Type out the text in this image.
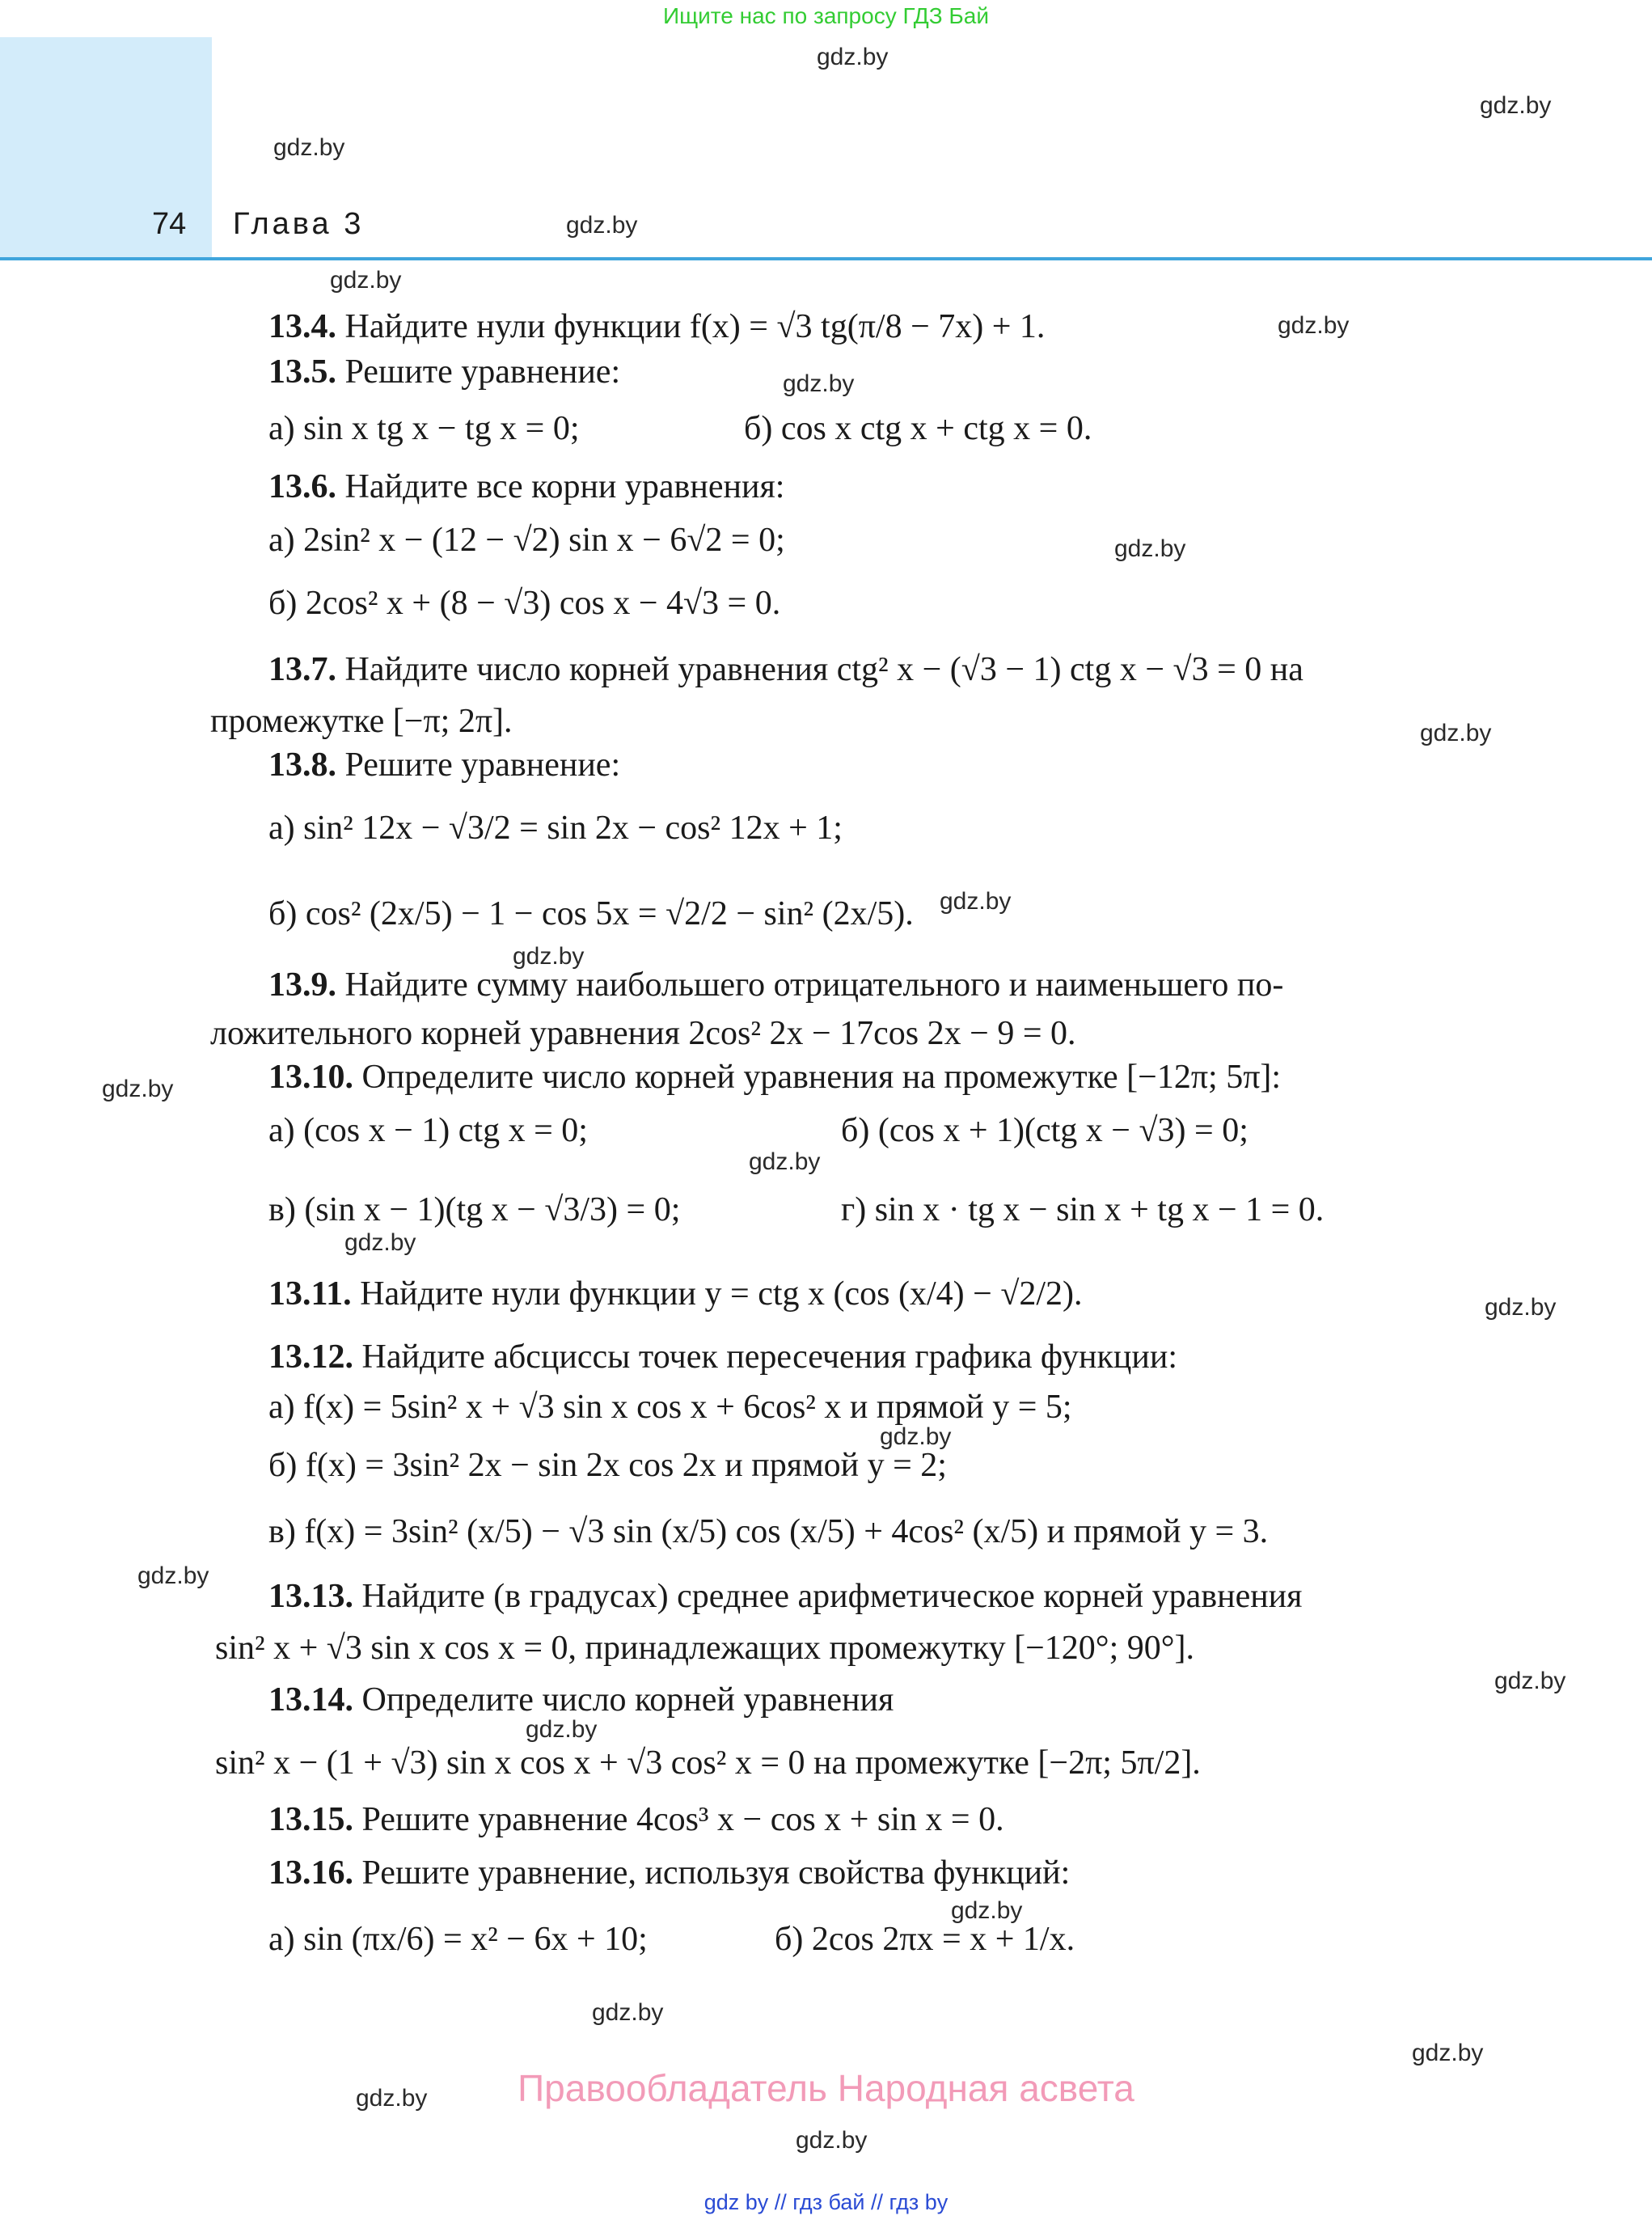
Ищите нас по запросу ГДЗ Бай
74 Глава 3
gdz.by
gdz.by
gdz.by
gdz.by
gdz.by
gdz.by
gdz.by
gdz.by
gdz.by
gdz.by
gdz.by
gdz.by
gdz.by
gdz.by
gdz.by
gdz.by
gdz.by
gdz.by
gdz.by
gdz.by
gdz.by
gdz.by
gdz.by
gdz.by
13.4. Найдите нули функции f(x) = √3 tg(π/8 − 7x) + 1.
13.5. Решите уравнение:
а) sin x tg x − tg x = 0;	б) cos x ctg x + ctg x = 0.
13.6. Найдите все корни уравнения:
а) 2sin² x − (12 − √2) sin x − 6√2 = 0;
б) 2cos² x + (8 − √3) cos x − 4√3 = 0.
13.7. Найдите число корней уравнения ctg² x − (√3 − 1) ctg x − √3 = 0 на
промежутке [−π; 2π].
13.8. Решите уравнение:
а) sin² 12x − √3/2 = sin 2x − cos² 12x + 1;
б) cos² (2x/5) − 1 − cos 5x = √2/2 − sin² (2x/5).
13.9. Найдите сумму наибольшего отрицательного и наименьшего по-
ложительного корней уравнения 2cos² 2x − 17cos 2x − 9 = 0.
13.10. Определите число корней уравнения на промежутке [−12π; 5π]:
а) (cos x − 1) ctg x = 0;	б) (cos x + 1)(ctg x − √3) = 0;
в) (sin x − 1)(tg x − √3/3) = 0;	г) sin x · tg x − sin x + tg x − 1 = 0.
13.11. Найдите нули функции y = ctg x (cos (x/4) − √2/2).
13.12. Найдите абсциссы точек пересечения графика функции:
а) f(x) = 5sin² x + √3 sin x cos x + 6cos² x и прямой y = 5;
б) f(x) = 3sin² 2x − sin 2x cos 2x и прямой y = 2;
в) f(x) = 3sin² (x/5) − √3 sin (x/5) cos (x/5) + 4cos² (x/5) и прямой y = 3.
13.13. Найдите (в градусах) среднее арифметическое корней уравнения
sin² x + √3 sin x cos x = 0, принадлежащих промежутку [−120°; 90°].
13.14. Определите число корней уравнения
sin² x − (1 + √3) sin x cos x + √3 cos² x = 0 на промежутке [−2π; 5π/2].
13.15. Решите уравнение 4cos³ x − cos x + sin x = 0.
13.16. Решите уравнение, используя свойства функций:
а) sin (πx/6) = x² − 6x + 10;	б) 2cos 2πx = x + 1/x.
Правообладатель Народная асвета
gdz by // гдз бай // гдз by
